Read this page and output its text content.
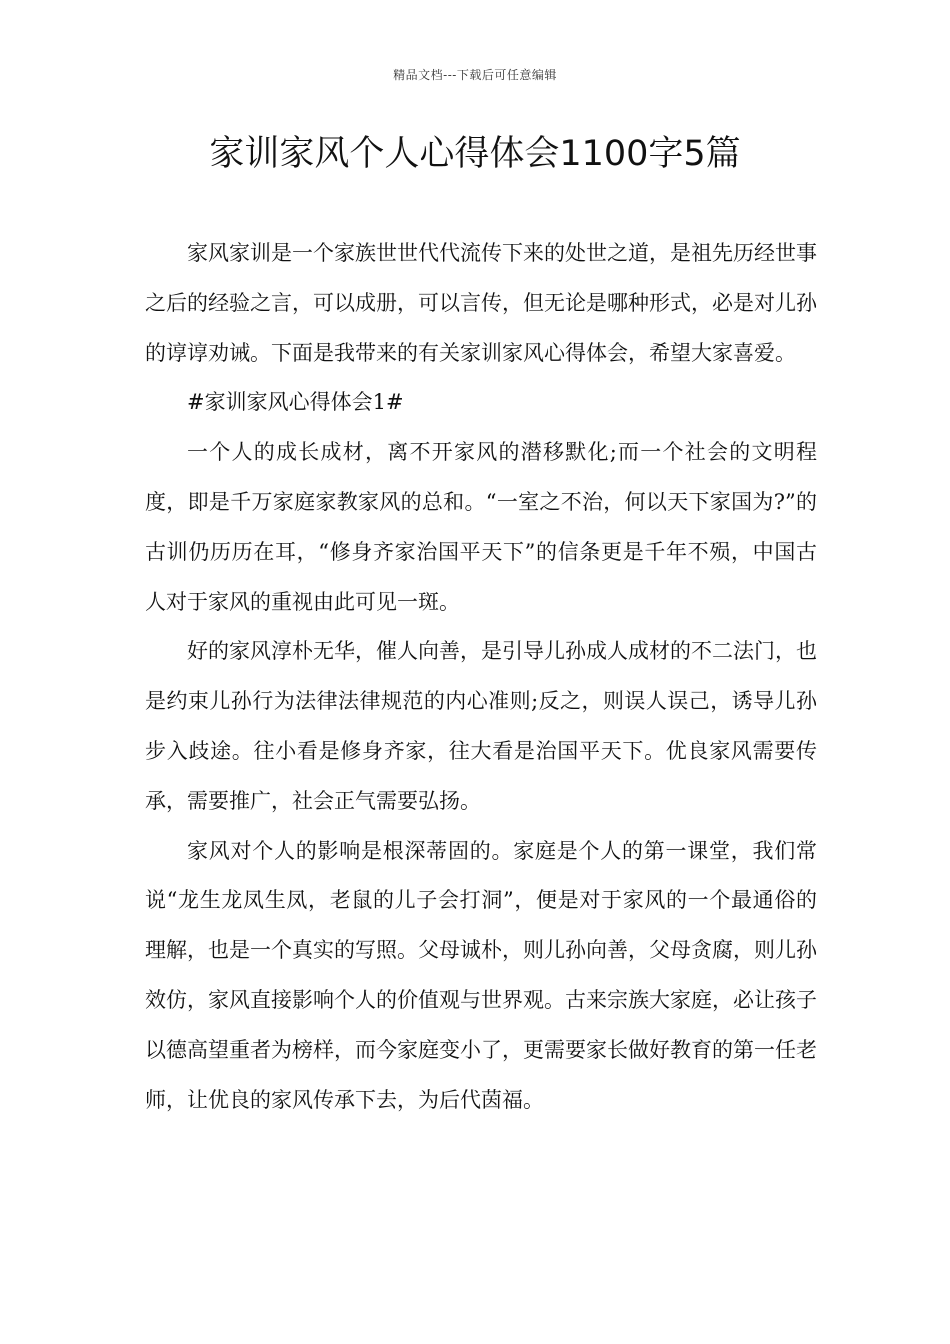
精品文档---下载后可任意编辑
家训家风个人心得体会1100字5篇

家风家训是一个家族世世代代流传下来的处世之道，是祖先历经世事之后的经验之言，可以成册，可以言传，但无论是哪种形式，必是对儿孙的谆谆劝诫。下面是我带来的有关家训家风心得体会，希望大家喜爱。

#家训家风心得体会1#

一个人的成长成材，离不开家风的潜移默化;而一个社会的文明程度，即是千万家庭家教家风的总和。“一室之不治，何以天下家国为?”的古训仍历历在耳，“修身齐家治国平天下”的信条更是千年不殒，中国古人对于家风的重视由此可见一斑。

好的家风淳朴无华，催人向善，是引导儿孙成人成材的不二法门，也是约束儿孙行为法律法律规范的内心准则;反之，则误人误己，诱导儿孙步入歧途。往小看是修身齐家，往大看是治国平天下。优良家风需要传承，需要推广，社会正气需要弘扬。

家风对个人的影响是根深蒂固的。家庭是个人的第一课堂，我们常说“龙生龙凤生凤，老鼠的儿子会打洞”，便是对于家风的一个最通俗的理解，也是一个真实的写照。父母诚朴，则儿孙向善，父母贪腐，则儿孙效仿，家风直接影响个人的价值观与世界观。古来宗族大家庭，必让孩子以德高望重者为榜样，而今家庭变小了，更需要家长做好教育的第一任老师，让优良的家风传承下去，为后代茵福。
